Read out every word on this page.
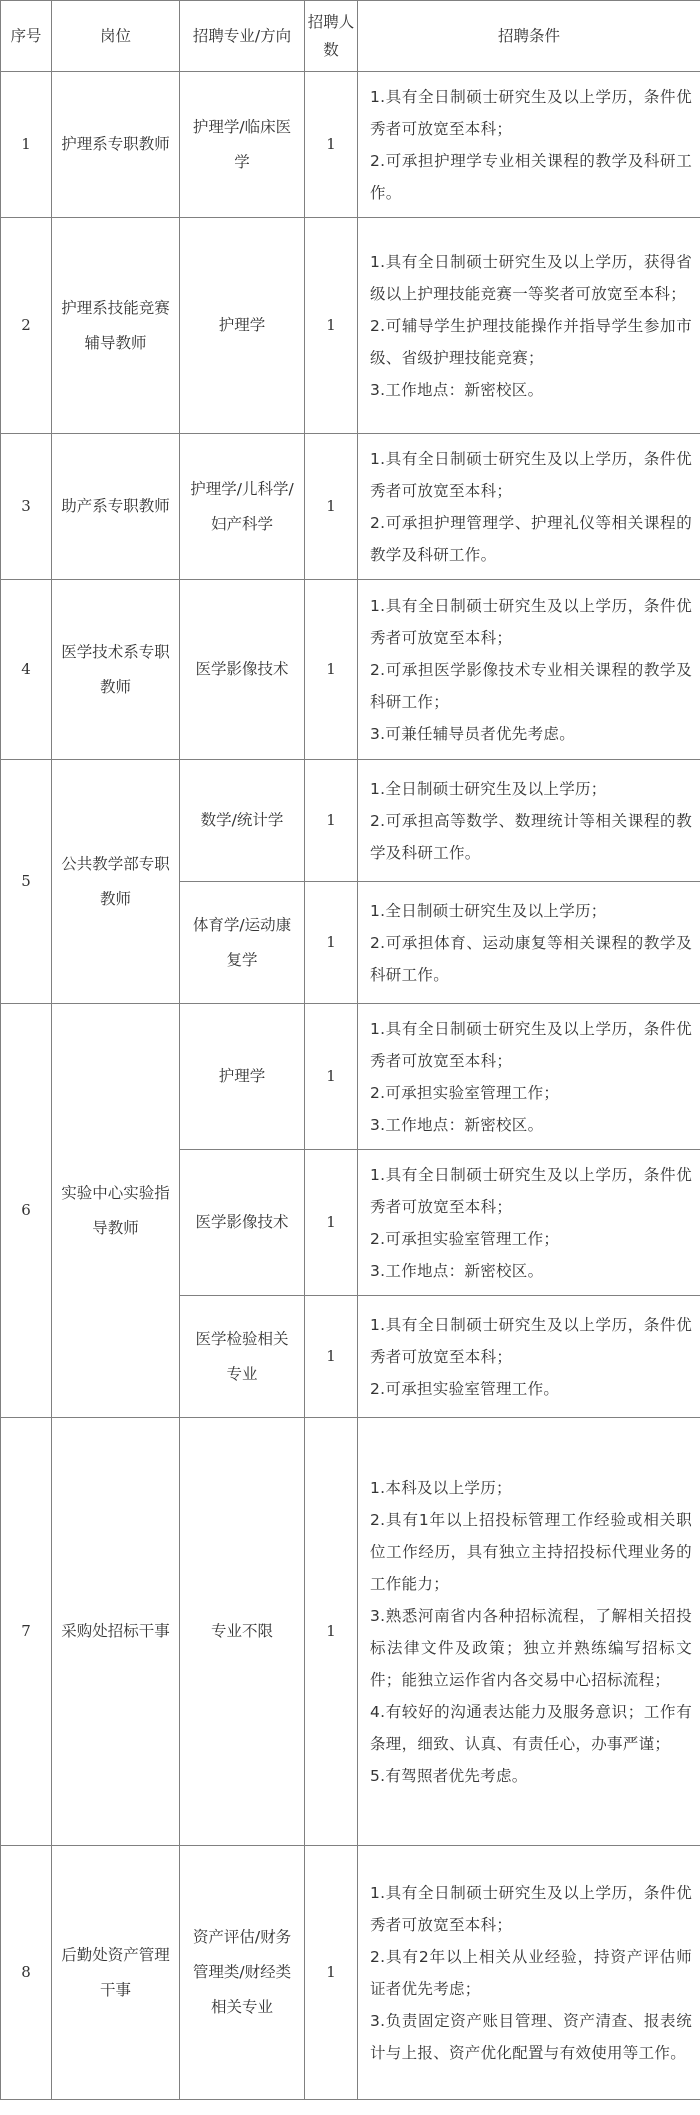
序号	岗位	招聘专业/方向	招聘人数	招聘条件
1	护理系专职教师	护理学/临床医学	1	1.具有全日制硕士研究生及以上学历，条件优秀者可放宽至本科；
2.可承担护理学专业相关课程的教学及科研工作。

2	护理系技能竞赛辅导教师	护理学	1	1.具有全日制硕士研究生及以上学历，获得省级以上护理技能竞赛一等奖者可放宽至本科；
2.可辅导学生护理技能操作并指导学生参加市级、省级护理技能竞赛；
3.工作地点：新密校区。

3	助产系专职教师	护理学/儿科学/妇产科学	1	1.具有全日制硕士研究生及以上学历，条件优秀者可放宽至本科；
2.可承担护理管理学、护理礼仪等相关课程的教学及科研工作。

4	医学技术系专职教师	医学影像技术	1	1.具有全日制硕士研究生及以上学历，条件优秀者可放宽至本科；
2.可承担医学影像技术专业相关课程的教学及科研工作；
3.可兼任辅导员者优先考虑。

5	公共教学部专职教师	数学/统计学	1	1.全日制硕士研究生及以上学历；
2.可承担高等数学、数理统计等相关课程的教学及科研工作。

		体育学/运动康复学	1	1.全日制硕士研究生及以上学历；
2.可承担体育、运动康复等相关课程的教学及科研工作。

6	实验中心实验指导教师	护理学	1	1.具有全日制硕士研究生及以上学历，条件优秀者可放宽至本科；
2.可承担实验室管理工作；
3.工作地点：新密校区。

		医学影像技术	1	1.具有全日制硕士研究生及以上学历，条件优秀者可放宽至本科；
2.可承担实验室管理工作；
3.工作地点：新密校区。

		医学检验相关专业	1	1.具有全日制硕士研究生及以上学历，条件优秀者可放宽至本科；
2.可承担实验室管理工作。

7	采购处招标干事	专业不限	1	1.本科及以上学历；
2.具有1年以上招投标管理工作经验或相关职位工作经历，具有独立主持招投标代理业务的工作能力；
3.熟悉河南省内各种招标流程，了解相关招投标法律文件及政策；独立并熟练编写招标文件；能独立运作省内各交易中心招标流程；
4.有较好的沟通表达能力及服务意识；工作有条理，细致、认真、有责任心，办事严谨；
5.有驾照者优先考虑。

8	后勤处资产管理干事	资产评估/财务管理类/财经类相关专业	1	1.具有全日制硕士研究生及以上学历，条件优秀者可放宽至本科；
2.具有2年以上相关从业经验，持资产评估师证者优先考虑；
3.负责固定资产账目管理、资产清查、报表统计与上报、资产优化配置与有效使用等工作。
